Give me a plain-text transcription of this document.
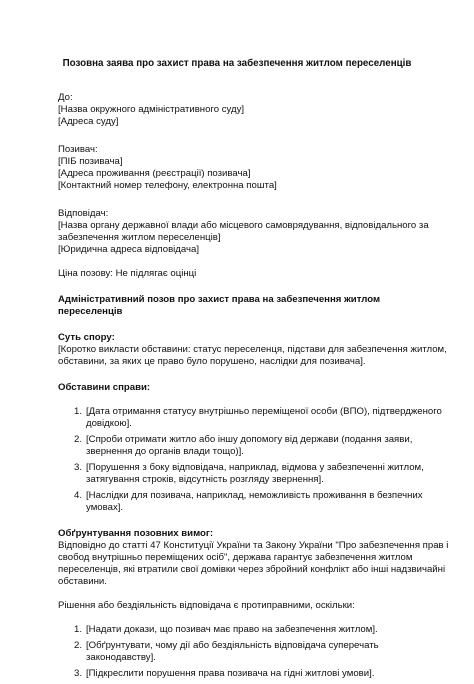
Позовна заява про захист права на забезпечення житлом переселенців
До:
[Назва окружного адміністративного суду]
[Адреса суду]
Позивач:
[ПІБ позивача]
[Адреса проживання (реєстрації) позивача]
[Контактний номер телефону, електронна пошта]
Відповідач:
[Назва органу державної влади або місцевого самоврядування, відповідального за
забезпечення житлом переселенців]
[Юридична адреса відповідача]

Ціна позову: Не підлягає оцінці

Адміністративний позов про захист права на забезпечення житлом переселенців

Суть спору:
[Коротко викласти обставини: статус переселенця, підстави для забезпечення житлом,
обставини, за яких це право було порушено, наслідки для позивача].
Обставини справи:
1. [Дата отримання статусу внутрішньо переміщеної особи (ВПО), підтвердженого
довідкою].
2. [Спроби отримати житло або іншу допомогу від держави (подання заяви,
звернення до органів влади тощо)].
3. [Порушення з боку відповідача, наприклад, відмова у забезпеченні житлом,
затягування строків, відсутність розгляду звернення].
4. [Наслідки для позивача, наприклад, неможливість проживання в безпечних
умовах].
Обґрунтування позовних вимог:
Відповідно до статті 47 Конституції України та Закону України "Про забезпечення прав і
свобод внутрішньо переміщених осіб", держава гарантує забезпечення житлом
переселенців, які втратили свої домівки через збройний конфлікт або інші надзвичайні
обставини.
Рішення або бездіяльність відповідача є протиправними, оскільки:
1. [Надати докази, що позивач має право на забезпечення житлом].
2. [Обґрунтувати, чому дії або бездіяльність відповідача суперечать
законодавству].
3. [Підкреслити порушення права позивача на гідні житлові умови].
